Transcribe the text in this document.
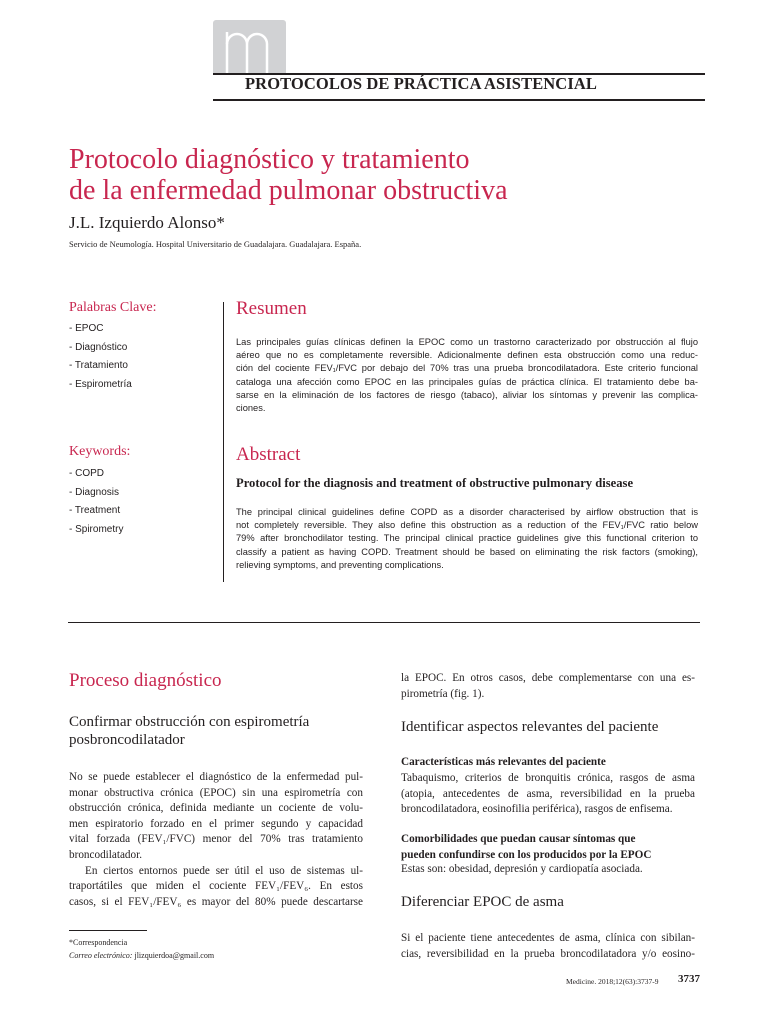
PROTOCOLOS DE PRÁCTICA ASISTENCIAL
Protocolo diagnóstico y tratamiento
de la enfermedad pulmonar obstructiva
J.L. Izquierdo Alonso*
Servicio de Neumología. Hospital Universitario de Guadalajara. Guadalajara. España.
Palabras Clave:
- EPOC
- Diagnóstico
- Tratamiento
- Espirometría
Keywords:
- COPD
- Diagnosis
- Treatment
- Spirometry
Resumen
Las principales guías clínicas definen la EPOC como un trastorno caracterizado por obstrucción al flujo
aéreo que no es completamente reversible. Adicionalmente definen esta obstrucción como una reduc-
ción del cociente FEV₁/FVC por debajo del 70% tras una prueba broncodilatadora. Este criterio funcional
cataloga una afección como EPOC en las principales guías de práctica clínica. El tratamiento debe ba-
sarse en la eliminación de los factores de riesgo (tabaco), aliviar los síntomas y prevenir las complica-
ciones.
Abstract
Protocol for the diagnosis and treatment of obstructive pulmonary disease
The principal clinical guidelines define COPD as a disorder characterised by airflow obstruction that is
not completely reversible. They also define this obstruction as a reduction of the FEV₁/FVC ratio below
79% after bronchodilator testing. The principal clinical practice guidelines give this functional criterion to
classify a patient as having COPD. Treatment should be based on eliminating the risk factors (smoking),
relieving symptoms, and preventing complications.
Proceso diagnóstico
Confirmar obstrucción con espirometría
posbroncodilatador
No se puede establecer el diagnóstico de la enfermedad pul-
monar obstructiva crónica (EPOC) sin una espirometría con
obstrucción crónica, definida mediante un cociente de volu-
men espiratorio forzado en el primer segundo y capacidad
vital forzada (FEV₁/FVC) menor del 70% tras tratamiento
broncodilatador.
En ciertos entornos puede ser útil el uso de sistemas ul-
traportátiles que miden el cociente FEV₁/FEV₆. En estos
casos, si el FEV₁/FEV₆ es mayor del 80% puede descartarse
*Correspondencia
Correo electrónico: jlizquierdoa@gmail.com
la EPOC. En otros casos, debe complementarse con una es-
pirometría (fig. 1).
Identificar aspectos relevantes del paciente
Características más relevantes del paciente
Tabaquismo, criterios de bronquitis crónica, rasgos de asma
(atopia, antecedentes de asma, reversibilidad en la prueba
broncodilatadora, eosinofilia periférica), rasgos de enfisema.
Comorbilidades que puedan causar síntomas que
pueden confundirse con los producidos por la EPOC
Estas son: obesidad, depresión y cardiopatía asociada.
Diferenciar EPOC de asma
Si el paciente tiene antecedentes de asma, clínica con sibilan-
cias, reversibilidad en la prueba broncodilatadora y/o eosino-
Medicine. 2018;12(63):3737-9 3737
